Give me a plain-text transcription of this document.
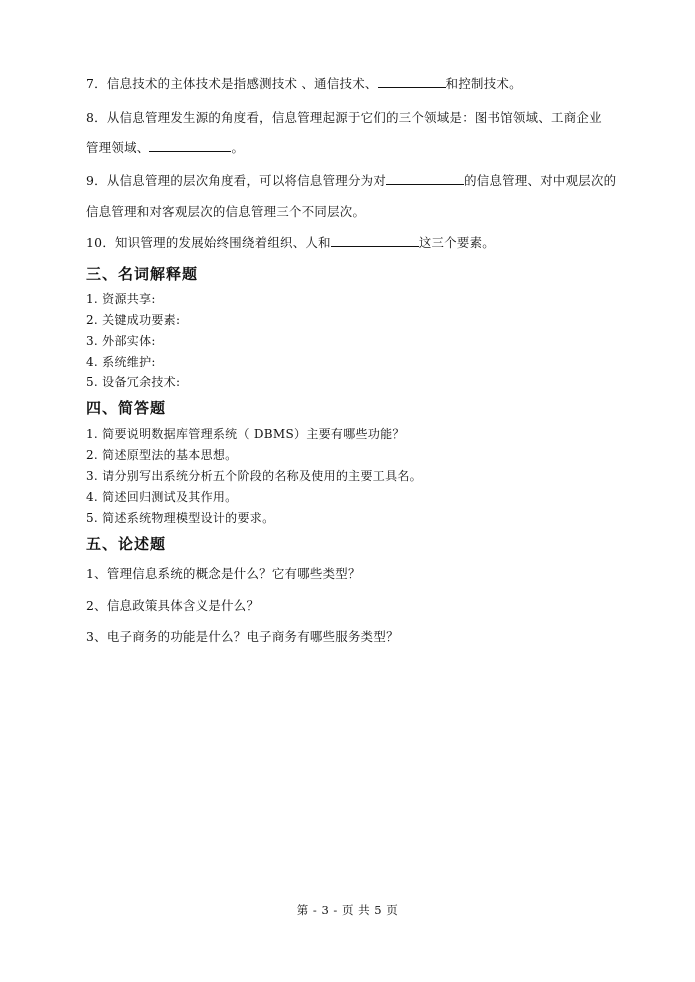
7．信息技术的主体技术是指感测技术 、通信技术、	和控制技术。
8．从信息管理发生源的角度看，信息管理起源于它们的三个领域是：图书馆领域、工商企业
管理领域、	。
9．从信息管理的层次角度看，可以将信息管理分为对	的信息管理、对中观层次的
信息管理和对客观层次的信息管理三个不同层次。
10．知识管理的发展始终围绕着组织、人和	这三个要素。
三、名词解释题
1. 资源共享:
2. 关键成功要素:
3. 外部实体:
4. 系统维护:
5. 设备冗余技术:
四、简答题
1. 简要说明数据库管理系统（ DBMS）主要有哪些功能？
2. 简述原型法的基本思想。
3. 请分别写出系统分析五个阶段的名称及使用的主要工具名。
4. 简述回归测试及其作用。
5. 简述系统物理模型设计的要求。
五、论述题
1、管理信息系统的概念是什么？它有哪些类型？
2、信息政策具体含义是什么？
3、电子商务的功能是什么？电子商务有哪些服务类型？
第 - 3 - 页 共 5 页
